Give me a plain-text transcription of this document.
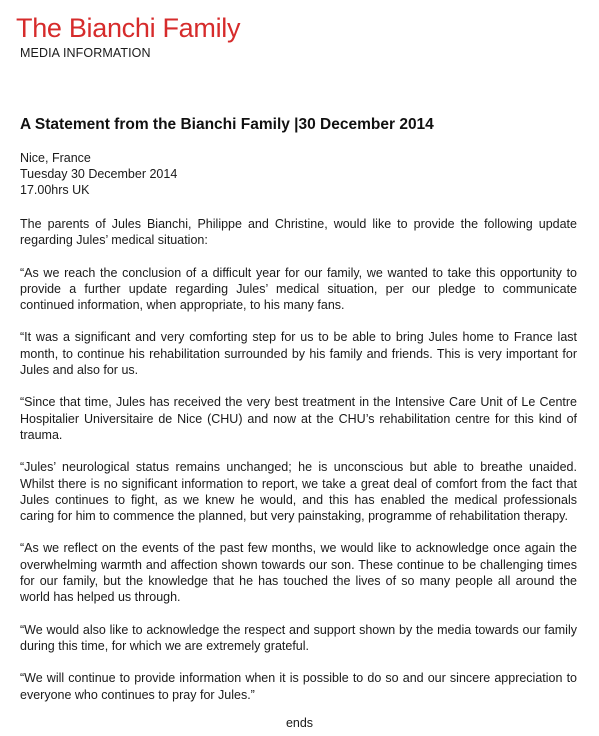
The Bianchi Family
MEDIA INFORMATION
A Statement from the Bianchi Family |30 December 2014
Nice, France
Tuesday 30 December 2014
17.00hrs UK

The parents of Jules Bianchi, Philippe and Christine, would like to provide the following update regarding Jules’ medical situation:

“As we reach the conclusion of a difficult year for our family, we wanted to take this opportunity to provide a further update regarding Jules’ medical situation, per our pledge to communicate continued information, when appropriate, to his many fans.

“It was a significant and very comforting step for us to be able to bring Jules home to France last month, to continue his rehabilitation surrounded by his family and friends. This is very important for Jules and also for us.

“Since that time, Jules has received the very best treatment in the Intensive Care Unit of Le Centre Hospitalier Universitaire de Nice (CHU) and now at the CHU’s rehabilitation centre for this kind of trauma.

“Jules’ neurological status remains unchanged; he is unconscious but able to breathe unaided. Whilst there is no significant information to report, we take a great deal of comfort from the fact that Jules continues to fight, as we knew he would, and this has enabled the medical professionals caring for him to commence the planned, but very painstaking, programme of rehabilitation therapy.

“As we reflect on the events of the past few months, we would like to acknowledge once again the overwhelming warmth and affection shown towards our son. These continue to be challenging times for our family, but the knowledge that he has touched the lives of so many people all around the world has helped us through.

“We would also like to acknowledge the respect and support shown by the media towards our family during this time, for which we are extremely grateful.

“We will continue to provide information when it is possible to do so and our sincere appreciation to everyone who continues to pray for Jules.”

ends
